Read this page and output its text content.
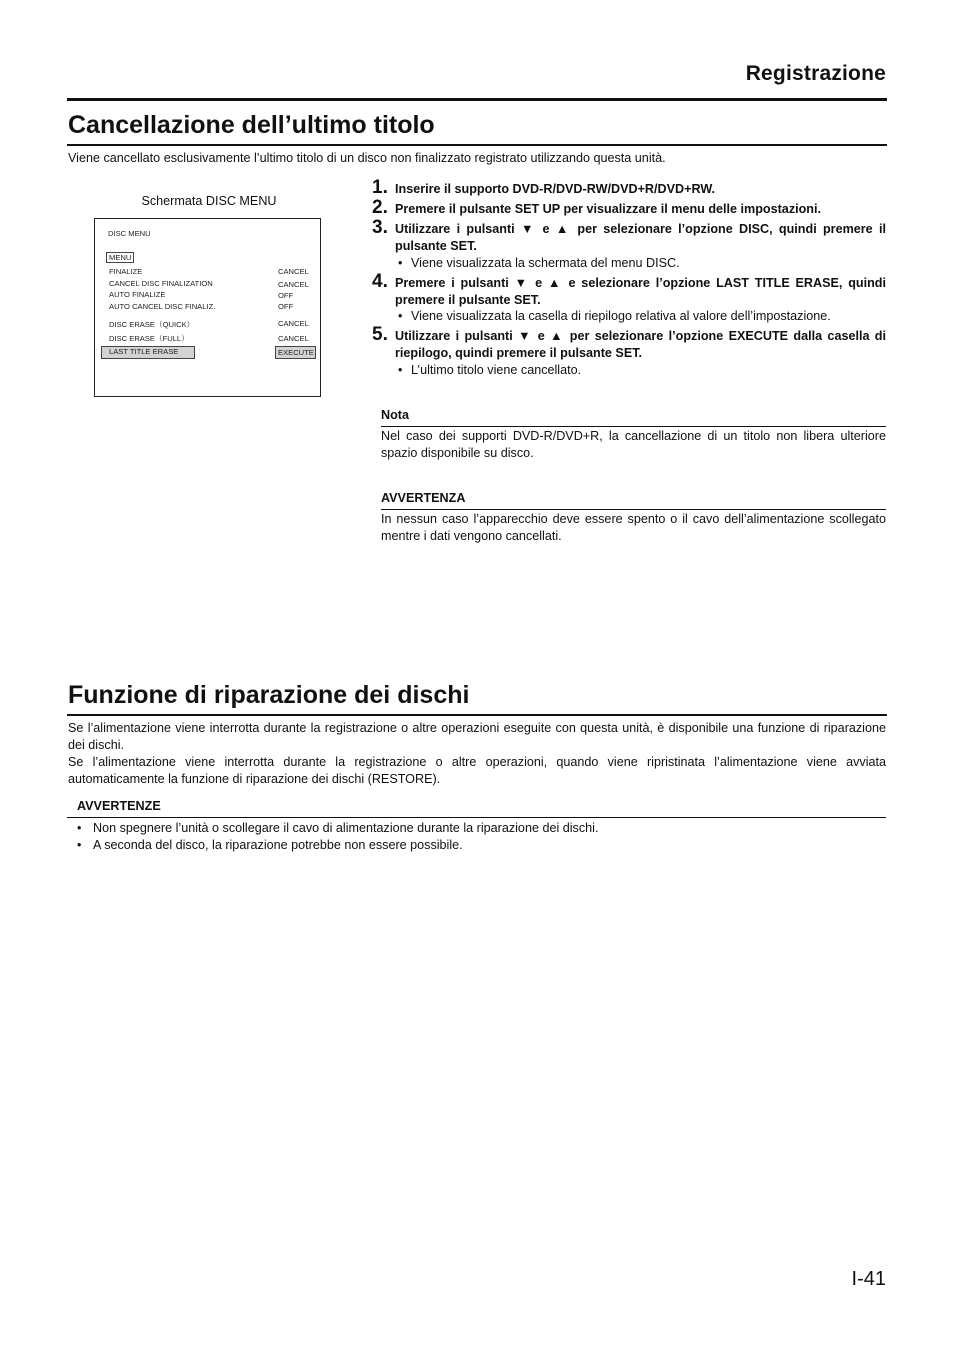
Registrazione
Cancellazione dell’ultimo titolo
Viene cancellato esclusivamente l’ultimo titolo di un disco non finalizzato registrato utilizzando questa unità.
Schermata DISC MENU
DISC MENU
MENU
FINALIZE	CANCEL
CANCEL DISC FINALIZATION	CANCEL
AUTO FINALIZE	OFF
AUTO CANCEL DISC FINALIZ.	OFF
DISC ERASE（QUICK）	CANCEL
DISC ERASE（FULL）	CANCEL
LAST TITLE ERASE	EXECUTE
1. Inserire il supporto DVD-R/DVD-RW/DVD+R/DVD+RW.
2. Premere il pulsante SET UP per visualizzare il menu delle impostazioni.
3. Utilizzare i pulsanti ▼ e ▲ per selezionare l’opzione DISC, quindi premere il pulsante SET.
• Viene visualizzata la schermata del menu DISC.
4. Premere i pulsanti ▼ e ▲ e selezionare l’opzione LAST TITLE ERASE, quindi premere il pulsante SET.
• Viene visualizzata la casella di riepilogo relativa al valore dell’impostazione.
5. Utilizzare i pulsanti ▼ e ▲ per selezionare l’opzione EXECUTE dalla casella di riepilogo, quindi premere il pulsante SET.
• L’ultimo titolo viene cancellato.
Nota
Nel caso dei supporti DVD-R/DVD+R, la cancellazione di un titolo non libera ulteriore spazio disponibile su disco.
AVVERTENZA
In nessun caso l’apparecchio deve essere spento o il cavo dell’alimentazione scollegato mentre i dati vengono cancellati.
Funzione di riparazione dei dischi
Se l’alimentazione viene interrotta durante la registrazione o altre operazioni eseguite con questa unità, è disponibile una funzione di riparazione dei dischi.
Se l’alimentazione viene interrotta durante la registrazione o altre operazioni, quando viene ripristinata l’alimentazione viene avviata automaticamente la funzione di riparazione dei dischi (RESTORE).
AVVERTENZE
• Non spegnere l’unità o scollegare il cavo di alimentazione durante la riparazione dei dischi.
• A seconda del disco, la riparazione potrebbe non essere possibile.
I-41
